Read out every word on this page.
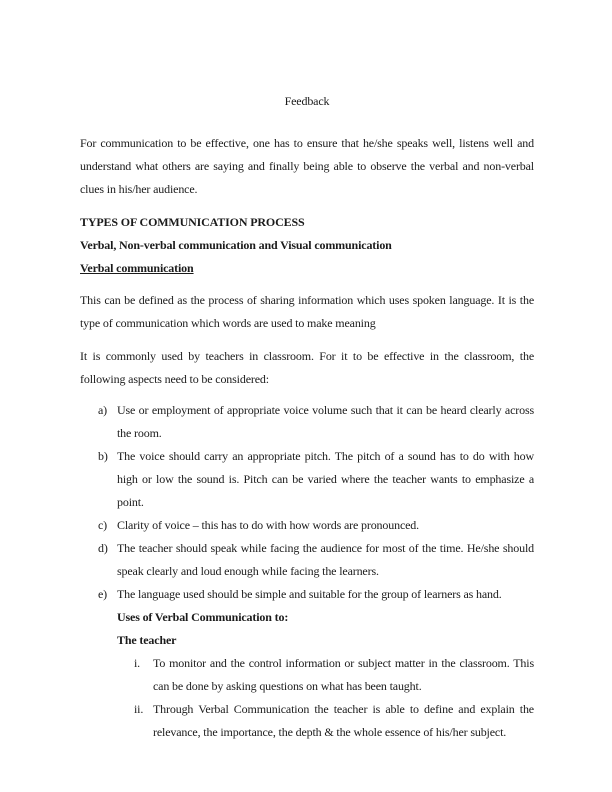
Feedback

For communication to be effective, one has to ensure that he/she speaks well, listens well and understand what others are saying and finally being able to observe the verbal and non-verbal clues in his/her audience.

TYPES OF COMMUNICATION PROCESS
Verbal, Non-verbal communication and Visual communication
Verbal communication

This can be defined as the process of sharing information which uses spoken language. It is the type of communication which words are used to make meaning

It is commonly used by teachers in classroom. For it to be effective in the classroom, the following aspects need to be considered:

a) Use or employment of appropriate voice volume such that it can be heard clearly across the room.
b) The voice should carry an appropriate pitch. The pitch of a sound has to do with how high or low the sound is. Pitch can be varied where the teacher wants to emphasize a point.
c) Clarity of voice – this has to do with how words are pronounced.
d) The teacher should speak while facing the audience for most of the time. He/she should speak clearly and loud enough while facing the learners.
e) The language used should be simple and suitable for the group of learners as hand.
Uses of Verbal Communication to:
The teacher
i.	To monitor and the control information or subject matter in the classroom. This can be done by asking questions on what has been taught.
ii. Through Verbal Communication the teacher is able to define and explain the relevance, the importance, the depth & the whole essence of his/her subject.
